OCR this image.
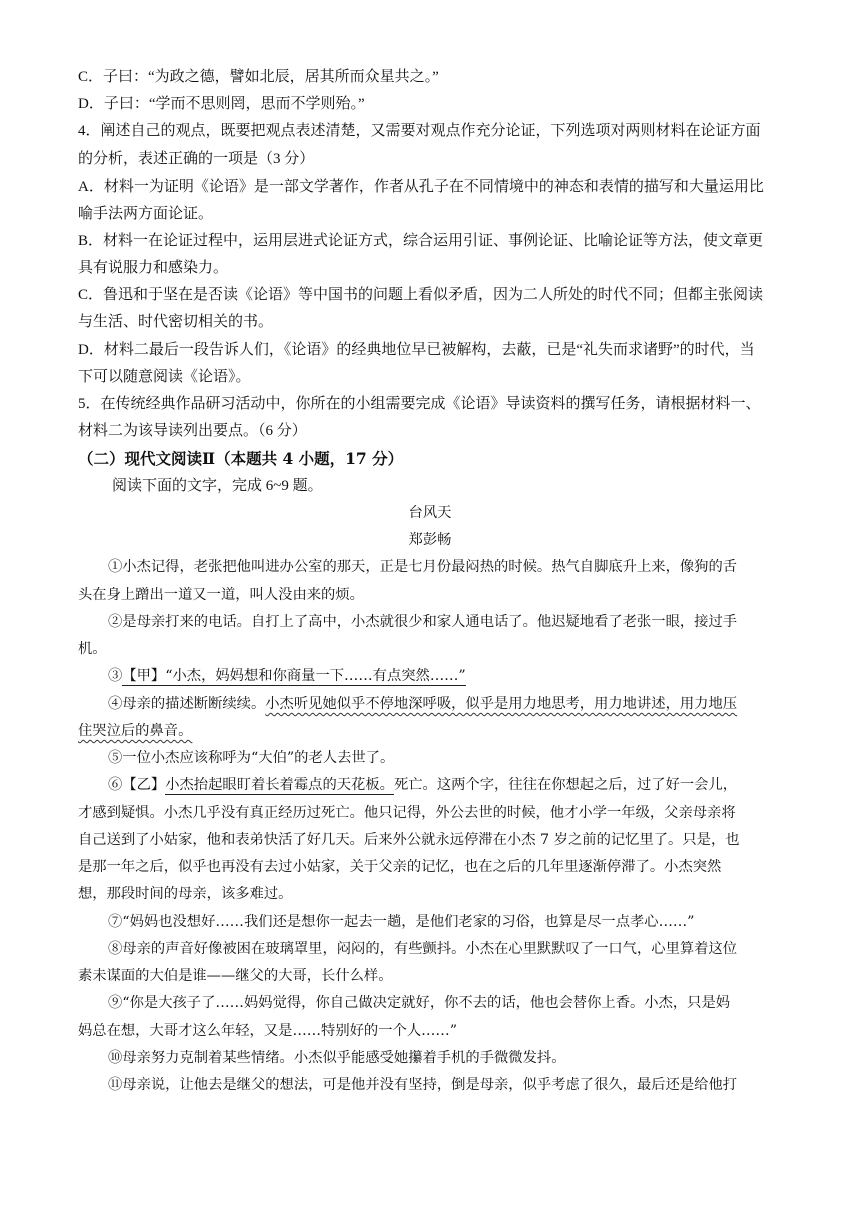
C．子曰：“为政之德，譬如北辰，居其所而众星共之。”
D．子曰：“学而不思则罔，思而不学则殆。”
4．阐述自己的观点，既要把观点表述清楚，又需要对观点作充分论证，下列选项对两则材料在论证方面
的分析，表述正确的一项是（3 分）
A．材料一为证明《论语》是一部文学著作，作者从孔子在不同情境中的神态和表情的描写和大量运用比
喻手法两方面论证。
B．材料一在论证过程中，运用层进式论证方式，综合运用引证、事例论证、比喻论证等方法，使文章更
具有说服力和感染力。
C．鲁迅和于坚在是否读《论语》等中国书的问题上看似矛盾，因为二人所处的时代不同；但都主张阅读
与生活、时代密切相关的书。
D．材料二最后一段告诉人们，《论语》的经典地位早已被解构，去蔽，已是“礼失而求诸野”的时代，当
下可以随意阅读《论语》。
5．在传统经典作品研习活动中，你所在的小组需要完成《论语》导读资料的撰写任务，请根据材料一、
材料二为该导读列出要点。（6 分）
（二）现代文阅读Ⅱ（本题共 4 小题，17 分）
阅读下面的文字，完成 6~9 题。
台风天
郑彭畅
①小杰记得，老张把他叫进办公室的那天，正是七月份最闷热的时候。热气自脚底升上来，像狗的舌
头在身上蹭出一道又一道，叫人没由来的烦。
②是母亲打来的电话。自打上了高中，小杰就很少和家人通电话了。他迟疑地看了老张一眼，接过手
机。
③【甲】“小杰，妈妈想和你商量一下……有点突然……”
④母亲的描述断断续续。小杰听见她似乎不停地深呼吸，似乎是用力地思考，用力地讲述，用力地压
住哭泣后的鼻音。
⑤一位小杰应该称呼为“大伯”的老人去世了。
⑥【乙】小杰抬起眼盯着长着霉点的天花板。死亡。这两个字，往往在你想起之后，过了好一会儿，
才感到疑惧。小杰几乎没有真正经历过死亡。他只记得，外公去世的时候，他才小学一年级，父亲母亲将
自己送到了小姑家，他和表弟快活了好几天。后来外公就永远停滞在小杰 7 岁之前的记忆里了。只是，也
是那一年之后，似乎也再没有去过小姑家，关于父亲的记忆，也在之后的几年里逐渐停滞了。小杰突然
想，那段时间的母亲，该多难过。
⑦“妈妈也没想好……我们还是想你一起去一趟，是他们老家的习俗，也算是尽一点孝心……”
⑧母亲的声音好像被困在玻璃罩里，闷闷的，有些颤抖。小杰在心里默默叹了一口气，心里算着这位
素未谋面的大伯是谁——继父的大哥，长什么样。
⑨“你是大孩子了……妈妈觉得，你自己做决定就好，你不去的话，他也会替你上香。小杰，只是妈
妈总在想，大哥才这么年轻，又是……特别好的一个人……”
⑩母亲努力克制着某些情绪。小杰似乎能感受她攥着手机的手微微发抖。
⑪母亲说，让他去是继父的想法，可是他并没有坚持，倒是母亲，似乎考虑了很久，最后还是给他打
